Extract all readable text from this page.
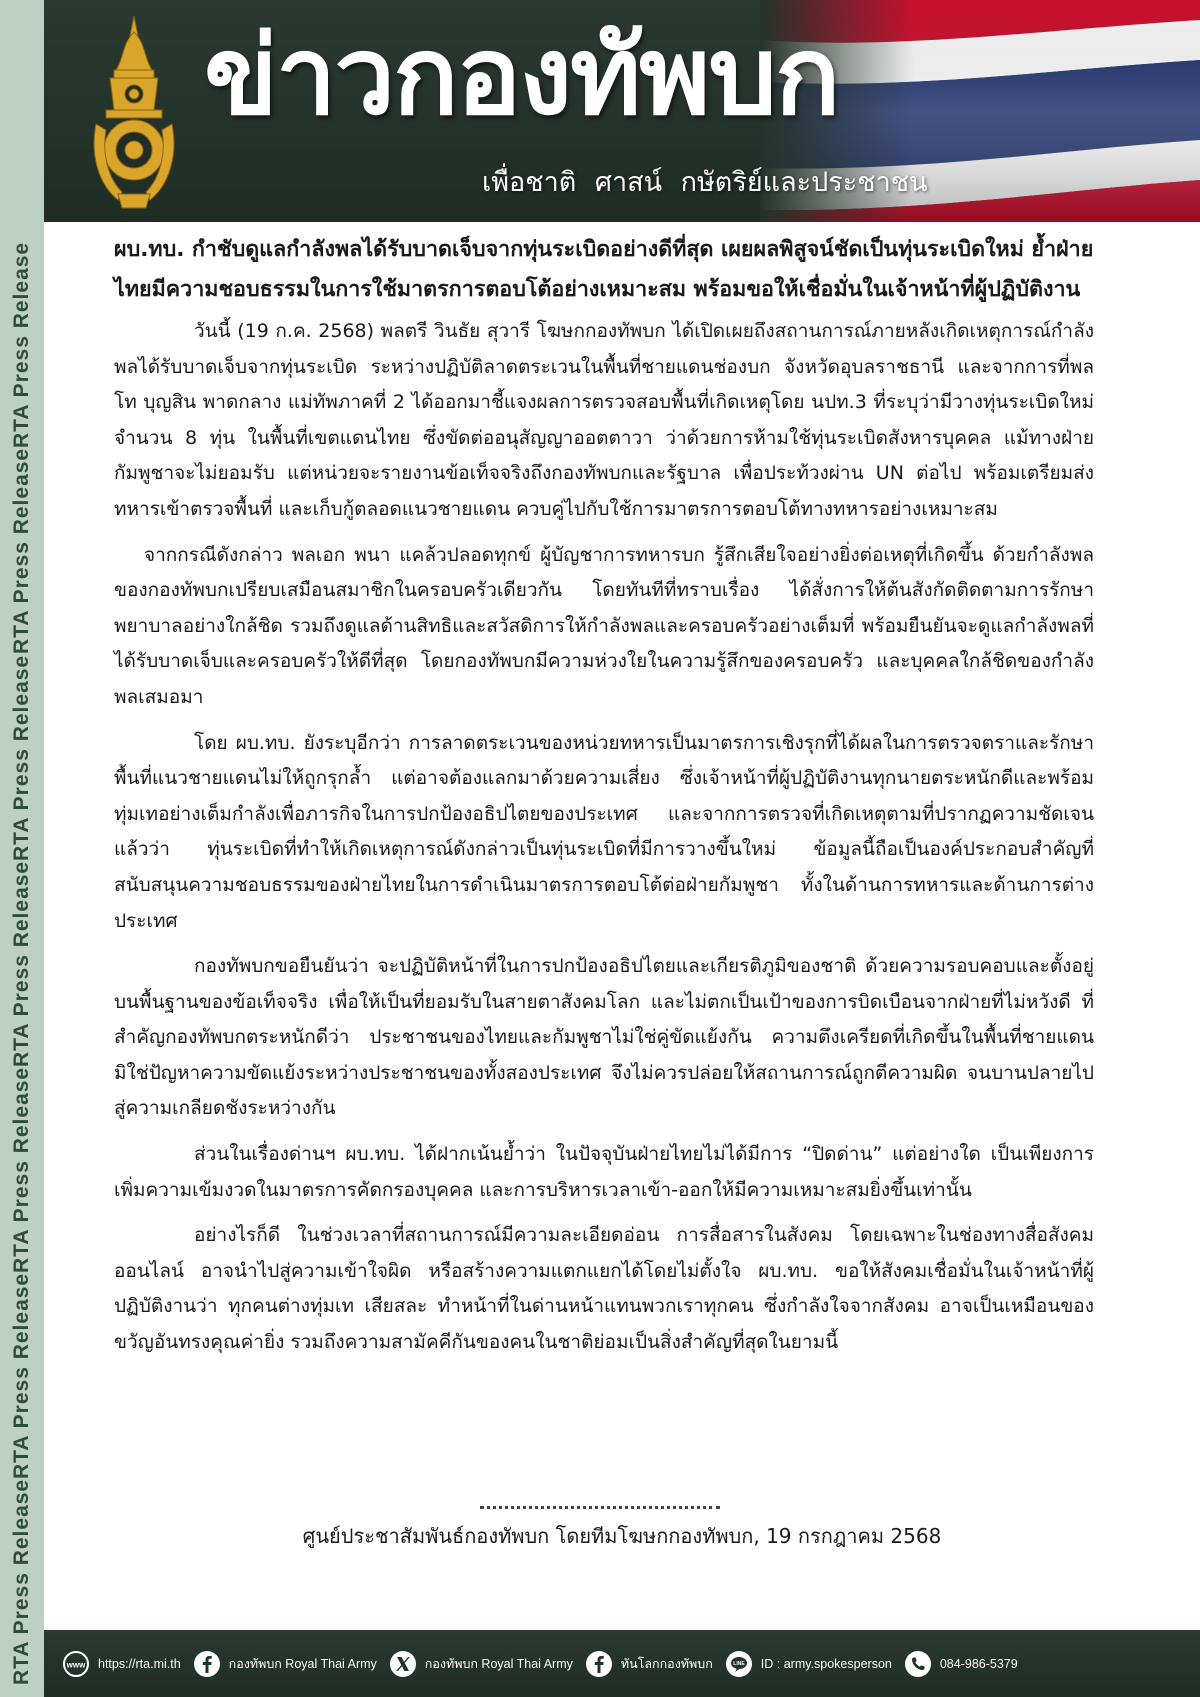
RTA Press Release
RTA Press Release
RTA Press Release
RTA Press Release
RTA Press Release
RTA Press Release
RTA Press Release
ข่าวกองทัพบก
เพื่อชาติ ศาสน์ กษัตริย์และประชาชน

ผบ.ทบ. กำชับดูแลกำลังพลได้รับบาดเจ็บจากทุ่นระเบิดอย่างดีที่สุด เผยผลพิสูจน์ชัดเป็นทุ่นระเบิดใหม่ ย้ำฝ่ายไทยมีความชอบธรรมในการใช้มาตรการตอบโต้อย่างเหมาะสม พร้อมขอให้เชื่อมั่นในเจ้าหน้าที่ผู้ปฏิบัติงาน

วันนี้ (19 ก.ค. 2568) พลตรี วินธัย สุวารี โฆษกกองทัพบก ได้เปิดเผยถึงสถานการณ์ภายหลังเกิดเหตุการณ์กำลังพลได้รับบาดเจ็บจากทุ่นระเบิด ระหว่างปฏิบัติลาดตระเวนในพื้นที่ชายแดนช่องบก จังหวัดอุบลราชธานี และจากการที่พลโท บุญสิน พาดกลาง แม่ทัพภาคที่ 2 ได้ออกมาชี้แจงผลการตรวจสอบพื้นที่เกิดเหตุโดย นปท.3 ที่ระบุว่ามีวางทุ่นระเบิดใหม่ จำนวน 8 ทุ่น ในพื้นที่เขตแดนไทย ซึ่งขัดต่ออนุสัญญาออตตาวา ว่าด้วยการห้ามใช้ทุ่นระเบิดสังหารบุคคล แม้ทางฝ่ายกัมพูชาจะไม่ยอมรับ แต่หน่วยจะรายงานข้อเท็จจริงถึงกองทัพบกและรัฐบาล เพื่อประท้วงผ่าน UN ต่อไป พร้อมเตรียมส่งทหารเข้าตรวจพื้นที่ และเก็บกู้ตลอดแนวชายแดน ควบคู่ไปกับใช้การมาตรการตอบโต้ทางทหารอย่างเหมาะสม

จากกรณีดังกล่าว พลเอก พนา แคล้วปลอดทุกข์ ผู้บัญชาการทหารบก รู้สึกเสียใจอย่างยิ่งต่อเหตุที่เกิดขึ้น ด้วยกำลังพลของกองทัพบกเปรียบเสมือนสมาชิกในครอบครัวเดียวกัน โดยทันทีที่ทราบเรื่อง ได้สั่งการให้ต้นสังกัดติดตามการรักษาพยาบาลอย่างใกล้ชิด รวมถึงดูแลด้านสิทธิและสวัสดิการให้กำลังพลและครอบครัวอย่างเต็มที่ พร้อมยืนยันจะดูแลกำลังพลที่ได้รับบาดเจ็บและครอบครัวให้ดีที่สุด โดยกองทัพบกมีความห่วงใยในความรู้สึกของครอบครัว และบุคคลใกล้ชิดของกำลังพลเสมอมา

โดย ผบ.ทบ. ยังระบุอีกว่า การลาดตระเวนของหน่วยทหารเป็นมาตรการเชิงรุกที่ได้ผลในการตรวจตราและรักษาพื้นที่แนวชายแดนไม่ให้ถูกรุกล้ำ แต่อาจต้องแลกมาด้วยความเสี่ยง ซึ่งเจ้าหน้าที่ผู้ปฏิบัติงานทุกนายตระหนักดีและพร้อมทุ่มเทอย่างเต็มกำลังเพื่อภารกิจในการปกป้องอธิปไตยของประเทศ และจากการตรวจที่เกิดเหตุตามที่ปรากฏความชัดเจนแล้วว่า ทุ่นระเบิดที่ทำให้เกิดเหตุการณ์ดังกล่าวเป็นทุ่นระเบิดที่มีการวางขึ้นใหม่ ข้อมูลนี้ถือเป็นองค์ประกอบสำคัญที่สนับสนุนความชอบธรรมของฝ่ายไทยในการดำเนินมาตรการตอบโต้ต่อฝ่ายกัมพูชา ทั้งในด้านการทหารและด้านการต่างประเทศ

กองทัพบกขอยืนยันว่า จะปฏิบัติหน้าที่ในการปกป้องอธิปไตยและเกียรติภูมิของชาติ ด้วยความรอบคอบและตั้งอยู่บนพื้นฐานของข้อเท็จจริง เพื่อให้เป็นที่ยอมรับในสายตาสังคมโลก และไม่ตกเป็นเป้าของการบิดเบือนจากฝ่ายที่ไม่หวังดี ที่สำคัญกองทัพบกตระหนักดีว่า ประชาชนของไทยและกัมพูชาไม่ใช่คู่ขัดแย้งกัน ความตึงเครียดที่เกิดขึ้นในพื้นที่ชายแดน มิใช่ปัญหาความขัดแย้งระหว่างประชาชนของทั้งสองประเทศ จึงไม่ควรปล่อยให้สถานการณ์ถูกตีความผิด จนบานปลายไปสู่ความเกลียดชังระหว่างกัน

ส่วนในเรื่องด่านฯ ผบ.ทบ. ได้ฝากเน้นย้ำว่า ในปัจจุบันฝ่ายไทยไม่ได้มีการ “ปิดด่าน” แต่อย่างใด เป็นเพียงการเพิ่มความเข้มงวดในมาตรการคัดกรองบุคคล และการบริหารเวลาเข้า-ออกให้มีความเหมาะสมยิ่งขึ้นเท่านั้น

อย่างไรก็ดี ในช่วงเวลาที่สถานการณ์มีความละเอียดอ่อน การสื่อสารในสังคม โดยเฉพาะในช่องทางสื่อสังคมออนไลน์ อาจนำไปสู่ความเข้าใจผิด หรือสร้างความแตกแยกได้โดยไม่ตั้งใจ ผบ.ทบ. ขอให้สังคมเชื่อมั่นในเจ้าหน้าที่ผู้ปฏิบัติงานว่า ทุกคนต่างทุ่มเท เสียสละ ทำหน้าที่ในด่านหน้าแทนพวกเราทุกคน ซึ่งกำลังใจจากสังคม อาจเป็นเหมือนของขวัญอันทรงคุณค่ายิ่ง รวมถึงความสามัคคีกันของคนในชาติย่อมเป็นสิ่งสำคัญที่สุดในยามนี้

ศูนย์ประชาสัมพันธ์กองทัพบก โดยทีมโฆษกกองทัพบก, 19 กรกฎาคม 2568
www https://rta.mi.th	กองทัพบก Royal Thai Army	กองทัพบก Royal Thai Army	ทันโลกกองทัพบก	LINE ID : army.spokesperson	084-986-5379
